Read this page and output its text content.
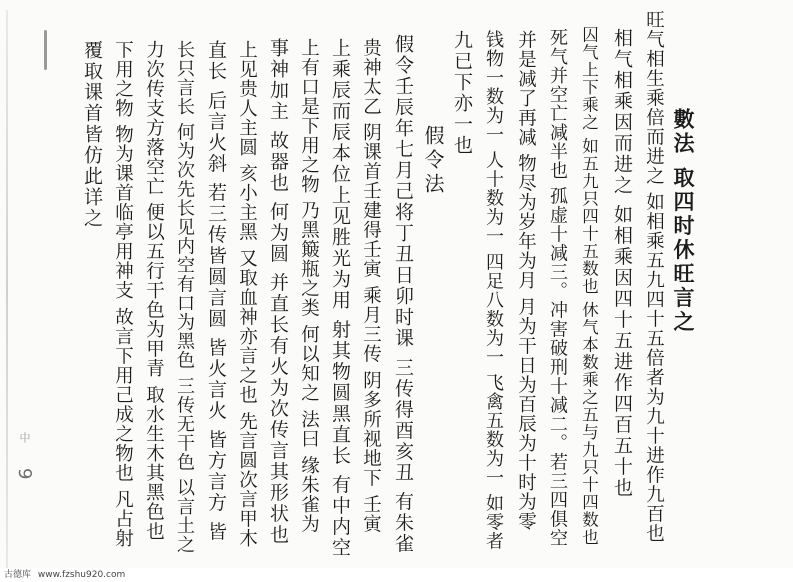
數法 取四时休旺言之
旺气相生乘倍而进之 如相乘五九四十五倍者为九十进作九百也
相气相乘因而进之 如相乘因四十五进作四百五十也
囚气上下乘之 如五九只四十五数也 休气本数乘之五与九只十四数也
死气并空亡减半也 孤虚十减三。冲害破刑十减二。若三四俱空
并是减了再减 物尽为岁年为月 月为干日为百辰为十时为零
钱物一数为一 人十数为一 四足八数为一 飞禽五数为一 如零者
九已下亦一也
假令法
假令壬辰年七月己将丁丑日卯时课 三传得酉亥丑 有朱雀
贵神太乙 阴课首壬建得壬寅 乘月三传 阴多所视地下 壬寅
上乘辰而辰本位上见胜光为用 射其物圆黑直长 有中内空
上有口是下用之物 乃黑簸瓶之类 何以知之 法曰 缘朱雀为
事神加主 故器也 何为圆 并直长有火为次传言其形状也
上见贵人主圆 亥小主黑 又取血神亦言之也 先言圆次言甲木
直长 后言火斜 若三传皆圆言圆 皆火言火 皆方言方 皆
长只言长 何为次先长见内空有口为黑色 三传无干色 以言土之
力次传支方落空亡 便以五行干色为甲青 取水生木其黑色也
下用之物 物为课首临亭用神支 故言下用己成之物也 凡占射
覆取课首皆仿此详之
中
9
古德库 www.fzshu920.com
